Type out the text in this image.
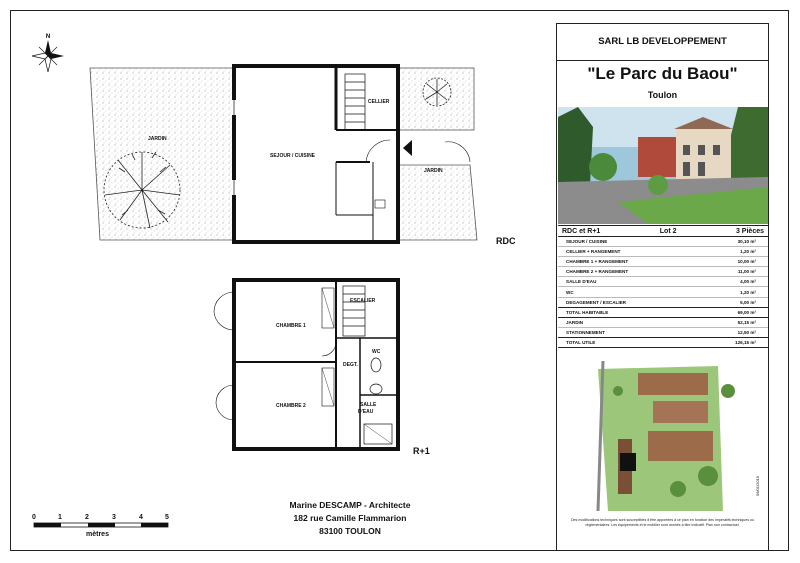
N
JARDIN
SEJOUR / CUISINE
CELLIER
JARDIN
CHAMBRE 1
CHAMBRE 2
ESCALIER
WC
DEGT.
SALLE
D'EAU
RDC
R+1
Marine DESCAMP - Architecte
182 rue Camille Flammarion
83100 TOULON
0	1	2	3	4	5
mètres
SARL LB DEVELOPPEMENT
"Le Parc du Baou"
Toulon
RDC et R+1	Lot 2	3 Pièces
SEJOUR / CUISINE	30,10 m²
CELLIER + RANGEMENT	1,20 m²
CHAMBRE 1 + RANGEMENT	10,00 m²
CHAMBRE 2 + RANGEMENT	11,00 m²
SALLE D'EAU	4,00 m²
WC	1,20 m²
DEGAGEMENT / ESCALIER	5,00 m²
TOTAL HABITABLE	69,00 m²
JARDIN	52,15 m²
STATIONNEMENT	12,50 m²
TOTAL UTILE	126,15 m²
Des modifications techniques sont susceptibles d'être apportées à ce plan en fonction des impératifs techniques ou réglementaires. Les équipements et le mobilier sont donnés à titre indicatif. Plan non contractuel.
09/01/2019
